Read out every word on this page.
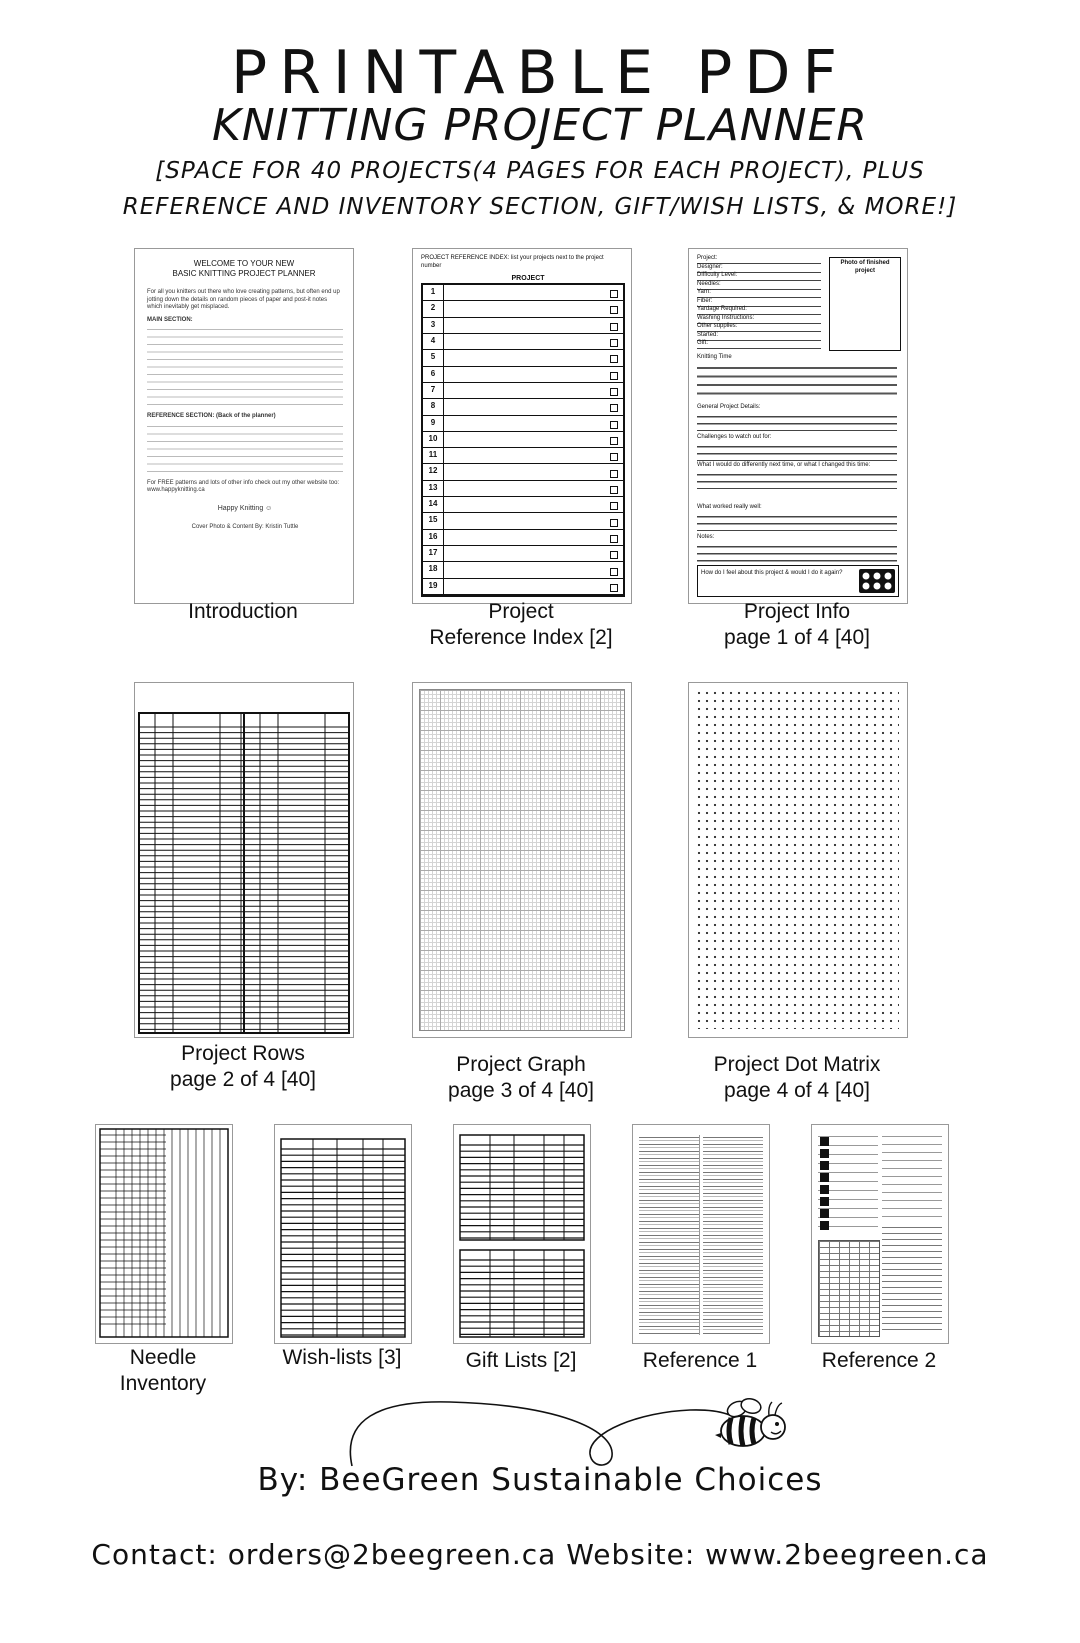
PRINTABLE PDF
KNITTING PROJECT PLANNER
[SPACE FOR 40 PROJECTS(4 PAGES FOR EACH PROJECT), PLUS
REFERENCE AND INVENTORY SECTION, GIFT/WISH LISTS, & MORE!]
WELCOME TO YOUR NEW
BASIC KNITTING PROJECT PLANNER
For all you knitters out there who love creating patterns, but often end up jotting down the details on random pieces of paper and post-it notes which inevitably get misplaced.
MAIN SECTION:
REFERENCE SECTION: (Back of the planner)
For FREE patterns and lots of other info check out my other website too: www.happyknitting.ca
Happy Knitting ☺
Cover Photo & Content By: Kristin Tuttle
PROJECT REFERENCE INDEX: list your projects next to the project number
PROJECT
1
2
3
4
5
6
7
8
9
10
11
12
13
14
15
16
17
18
19
Project:
Designer:
Difficulty Level:
Needles:
Yarn:
Fiber:
Yardage Required:
Washing Instructions:
Other supplies:
Started:
Gift:
Photo of finished project
Knitting Time
General Project Details:
Challenges to watch out for:
What I would do differently next time, or what I changed this time:
What worked really well:
Notes:
How do I feel about this project & would I do it again?
Introduction	Project
Reference Index [2]
Project Info
page 1 of 4 [40]
Project Rows
page 2 of 4 [40]
Project Graph
page 3 of 4 [40]
Project Dot Matrix
page 4 of 4 [40]
Needle
Inventory
Wish-lists [3]	Gift Lists [2]	Reference 1	Reference 2
By: BeeGreen Sustainable Choices
Contact: orders@2beegreen.ca Website: www.2beegreen.ca
